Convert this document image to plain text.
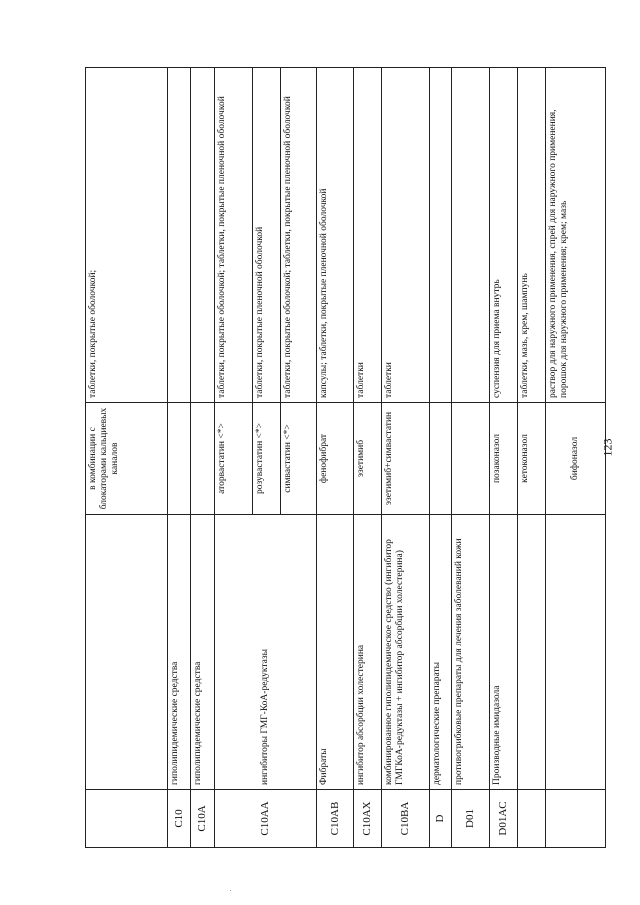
		в комбинации с блокаторами кальциевых каналов	таблетки, покрытые оболочкой;
C10	гиполипидемические средства		
C10A	гиполипидемические средства		
C10AA	ингибиторы ГМГ-КоА-редуктазы	аторвастатин <*>	таблетки, покрытые оболочкой; таблетки, покрытые пленочной оболочкой
		розувастатин <*>	таблетки, покрытые пленочной оболочкой
		симвастатин <*>	таблетки, покрытые оболочкой; таблетки, покрытые пленочной оболочкой
C10AB	Фибраты	фенофибрат	капсулы; таблетки, покрытые пленочной оболочкой
C10AX	ингибитор абсорбции холестерина	эзетимиб	таблетки
C10BA	комбинированное гиполипидемическое средство (ингибитор ГМГКоА-редуктазы + ингибитор абсорбции холестерина)	эзетимиб+симвастатин	таблетки
D	дерматологические препараты		
D01	противогрибковые препараты для лечения заболеваний кожи		
D01AC	Производные имидазола	позаконазол	суспензия для приема внутрь
		кетоконазол	таблетки, мазь, крем, шампунь
		бифоназол	раствор для наружного применения, спрей для наружного применения, порошок для наружного применения; крем; мазь
123
